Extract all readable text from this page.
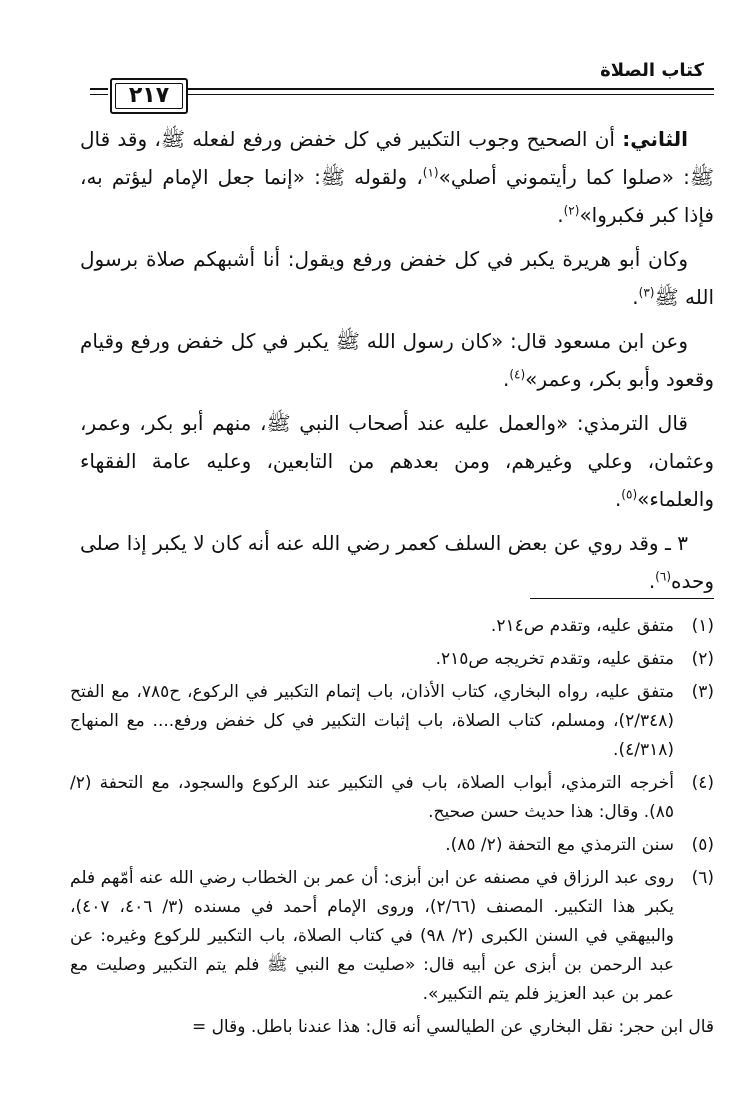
كتاب الصلاة
٢١٧

الثاني: أن الصحيح وجوب التكبير في كل خفض ورفع لفعله ﷺ، وقد قال ﷺ: «صلوا كما رأيتموني أصلي»$^{(١)}$، ولقوله ﷺ: «إنما جعل الإمام ليؤتم به، فإذا كبر فكبروا»$^{(٢)}$.

وكان أبو هريرة يكبر في كل خفض ورفع ويقول: أنا أشبهكم صلاة برسول الله ﷺ$^{(٣)}$.

وعن ابن مسعود قال: «كان رسول الله ﷺ يكبر في كل خفض ورفع وقيام وقعود وأبو بكر، وعمر»$^{(٤)}$.

قال الترمذي: «والعمل عليه عند أصحاب النبي ﷺ، منهم أبو بكر، وعمر، وعثمان، وعلي وغيرهم، ومن بعدهم من التابعين، وعليه عامة الفقهاء والعلماء»$^{(٥)}$.

٣ ـ وقد روي عن بعض السلف كعمر رضي الله عنه أنه كان لا يكبر إذا صلى وحده$^{(٦)}$.

(١)
متفق عليه، وتقدم ص٢١٤.
(٢)
متفق عليه، وتقدم تخريجه ص٢١٥.
(٣)
متفق عليه، رواه البخاري، كتاب الأذان، باب إتمام التكبير في الركوع، ح٧٨٥، مع الفتح (٢/٣٤٨)، ومسلم، كتاب الصلاة، باب إثبات التكبير في كل خفض ورفع.... مع المنهاج (٤/٣١٨).
(٤)
أخرجه الترمذي، أبواب الصلاة، باب في التكبير عند الركوع والسجود، مع التحفة (٢/ ٨٥). وقال: هذا حديث حسن صحيح.
(٥)
سنن الترمذي مع التحفة (٢/ ٨٥).
(٦)
روى عبد الرزاق في مصنفه عن ابن أبزى: أن عمر بن الخطاب رضي الله عنه أمّهم فلم يكبر هذا التكبير. المصنف (٢/٦٦)، وروى الإمام أحمد في مسنده (٣/ ٤٠٦، ٤٠٧)، والبيهقي في السنن الكبرى (٢/ ٩٨) في كتاب الصلاة، باب التكبير للركوع وغيره: عن عبد الرحمن بن أبزى عن أبيه قال: «صليت مع النبي ﷺ فلم يتم التكبير وصليت مع عمر بن عبد العزيز فلم يتم التكبير».

قال ابن حجر: نقل البخاري عن الطيالسي أنه قال: هذا عندنا باطل. وقال =
